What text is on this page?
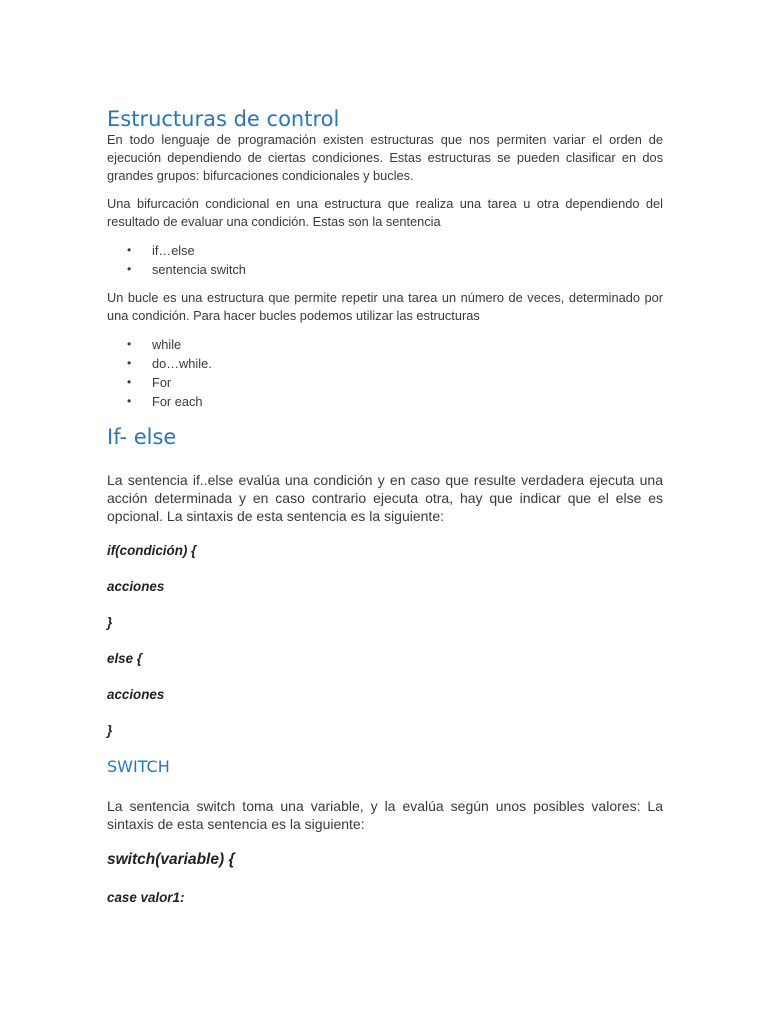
Estructuras de control
En todo lenguaje de programación existen estructuras que nos permiten variar el orden de ejecución dependiendo de ciertas condiciones. Estas estructuras se pueden clasificar en dos grandes grupos: bifurcaciones condicionales y bucles.
Una bifurcación condicional en una estructura que realiza una tarea u otra dependiendo del resultado de evaluar una condición. Estas son la sentencia
• if…else
• sentencia switch
Un bucle es una estructura que permite repetir una tarea un número de veces, determinado por una condición. Para hacer bucles podemos utilizar las estructuras
• while
• do…while.
• For
• For each
If- else
La sentencia if..else evalúa una condición y en caso que resulte verdadera ejecuta una acción determinada y en caso contrario ejecuta otra, hay que indicar que el else es opcional. La sintaxis de esta sentencia es la siguiente:
if(condición) {
acciones
}
else {
acciones
}
SWITCH
La sentencia switch toma una variable, y la evalúa según unos posibles valores: La sintaxis de esta sentencia es la siguiente:
switch(variable) {
case valor1:
